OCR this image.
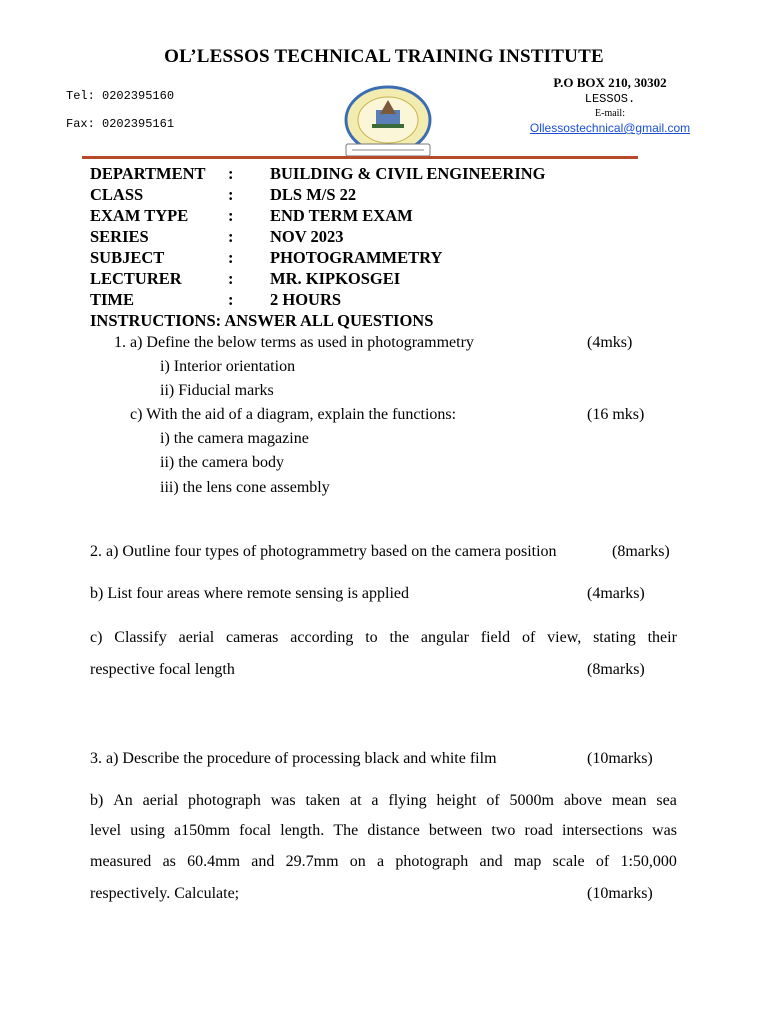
OL’LESSOS TECHNICAL TRAINING INSTITUTE
Tel: 0202395160
Fax: 0202395161
P.O BOX 210, 30302
LESSOS.
E-mail:
Ollessostechnical@gmail.com
DEPARTMENT	:	BUILDING & CIVIL ENGINEERING
CLASS	:	DLS M/S 22
EXAM TYPE	:	END TERM EXAM
SERIES	:	NOV 2023
SUBJECT	:	PHOTOGRAMMETRY
LECTURER	:	MR. KIPKOSGEI
TIME	:	2 HOURS
INSTRUCTIONS: ANSWER ALL QUESTIONS
1. a) Define the below terms as used in photogrammetry	(4mks)
i) Interior orientation
ii) Fiducial marks
c) With the aid of a diagram, explain the functions:	(16 mks)
i) the camera magazine
ii) the camera body
iii) the lens cone assembly
2. a) Outline four types of photogrammetry based on the camera position	(8marks)
b) List four areas where remote sensing is applied	(4marks)
c) Classify aerial cameras according to the angular field of view, stating their
respective focal length	(8marks)
3. a) Describe the procedure of processing black and white film	(10marks)
b) An aerial photograph was taken at a flying height of 5000m above mean sea
level using a150mm focal length. The distance between two road intersections was
measured as 60.4mm and 29.7mm on a photograph and map scale of 1:50,000
respectively. Calculate;	(10marks)
